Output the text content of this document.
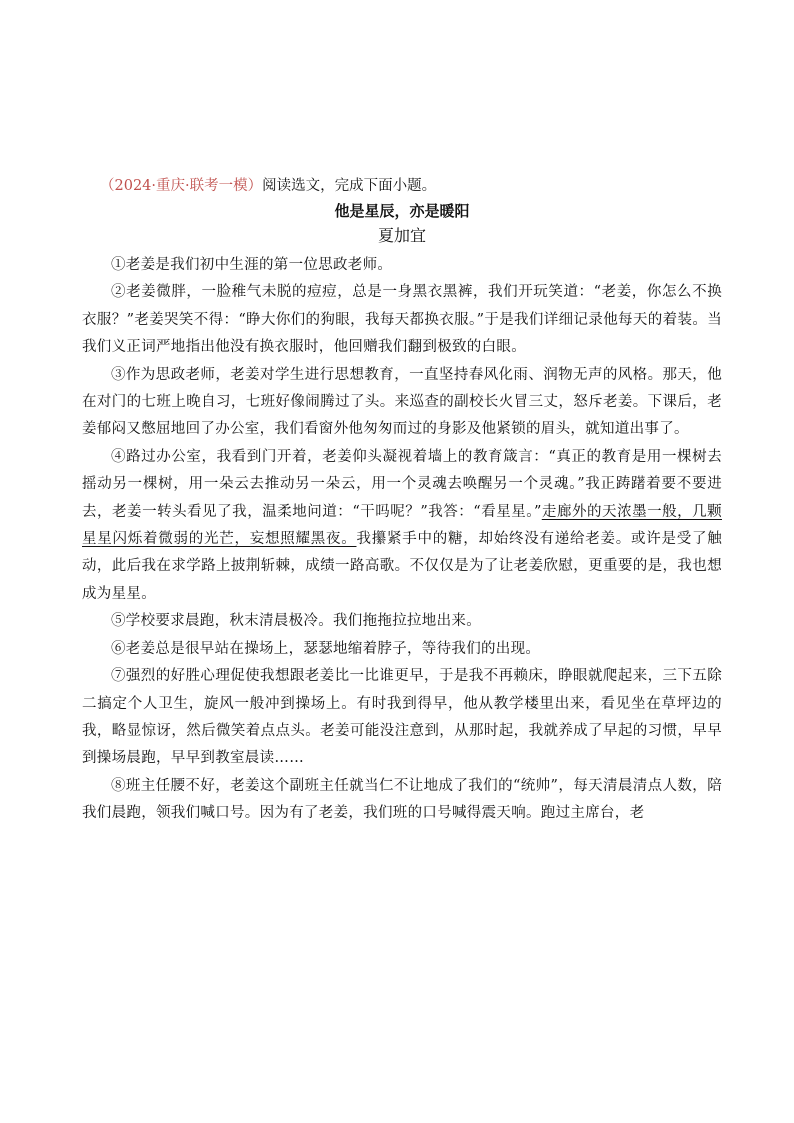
（2024·重庆·联考一模）阅读选文，完成下面小题。
他是星辰，亦是暖阳
夏加宜

①老姜是我们初中生涯的第一位思政老师。

②老姜微胖，一脸稚气未脱的痘痘，总是一身黑衣黑裤，我们开玩笑道：“老姜，你怎么不换衣服？”老姜哭笑不得：“睁大你们的狗眼，我每天都换衣服。”于是我们详细记录他每天的着装。当我们义正词严地指出他没有换衣服时，他回赠我们翻到极致的白眼。

③作为思政老师，老姜对学生进行思想教育，一直坚持春风化雨、润物无声的风格。那天，他在对门的七班上晚自习，七班好像闹腾过了头。来巡查的副校长火冒三丈，怒斥老姜。下课后，老姜郁闷又憋屈地回了办公室，我们看窗外他匆匆而过的身影及他紧锁的眉头，就知道出事了。

④路过办公室，我看到门开着，老姜仰头凝视着墙上的教育箴言：“真正的教育是用一棵树去摇动另一棵树，用一朵云去推动另一朵云，用一个灵魂去唤醒另一个灵魂。”我正踌躇着要不要进去，老姜一转头看见了我，温柔地问道：“干吗呢？”我答：“看星星。”走廊外的天浓墨一般，几颗星星闪烁着微弱的光芒，妄想照耀黑夜。我攥紧手中的糖，却始终没有递给老姜。或许是受了触动，此后我在求学路上披荆斩棘，成绩一路高歌。不仅仅是为了让老姜欣慰，更重要的是，我也想成为星星。

⑤学校要求晨跑，秋末清晨极冷。我们拖拖拉拉地出来。

⑥老姜总是很早站在操场上，瑟瑟地缩着脖子，等待我们的出现。

⑦强烈的好胜心理促使我想跟老姜比一比谁更早，于是我不再赖床，睁眼就爬起来，三下五除二搞定个人卫生，旋风一般冲到操场上。有时我到得早，他从教学楼里出来，看见坐在草坪边的我，略显惊讶，然后微笑着点点头。老姜可能没注意到，从那时起，我就养成了早起的习惯，早早到操场晨跑，早早到教室晨读……

⑧班主任腰不好，老姜这个副班主任就当仁不让地成了我们的“统帅”，每天清晨清点人数，陪我们晨跑，领我们喊口号。因为有了老姜，我们班的口号喊得震天响。跑过主席台，老
